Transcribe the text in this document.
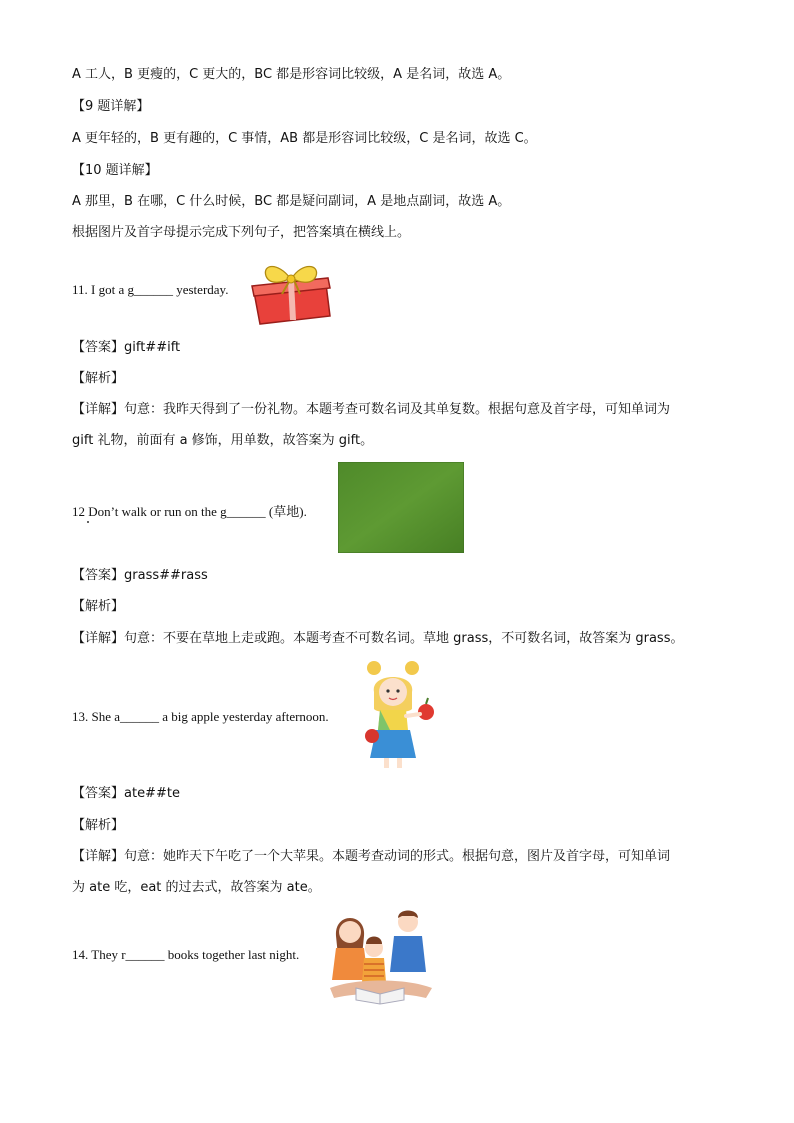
A 工人，B 更瘦的，C 更大的，BC 都是形容词比较级，A 是名词，故选 A。
【9 题详解】
A 更年轻的，B 更有趣的，C 事情，AB 都是形容词比较级，C 是名词，故选 C。
【10 题详解】
A 那里，B 在哪，C 什么时候，BC 都是疑问副词，A 是地点副词，故选 A。
根据图片及首字母提示完成下列句子，把答案填在横线上。
11. I got a g______ yesterday.
【答案】gift##ift
【解析】
【详解】句意：我昨天得到了一份礼物。本题考查可数名词及其单复数。根据句意及首字母，可知单词为
gift 礼物，前面有 a 修饰，用单数，故答案为 gift。
12 Don’t walk or run on the g______ (草地).
【答案】grass##rass
【解析】
【详解】句意：不要在草地上走或跑。本题考查不可数名词。草地 grass，不可数名词，故答案为 grass。
13. She a______ a big apple yesterday afternoon.
【答案】ate##te
【解析】
【详解】句意：她昨天下午吃了一个大苹果。本题考查动词的形式。根据句意，图片及首字母，可知单词
为 ate 吃，eat 的过去式，故答案为 ate。
14. They r______ books together last night.
